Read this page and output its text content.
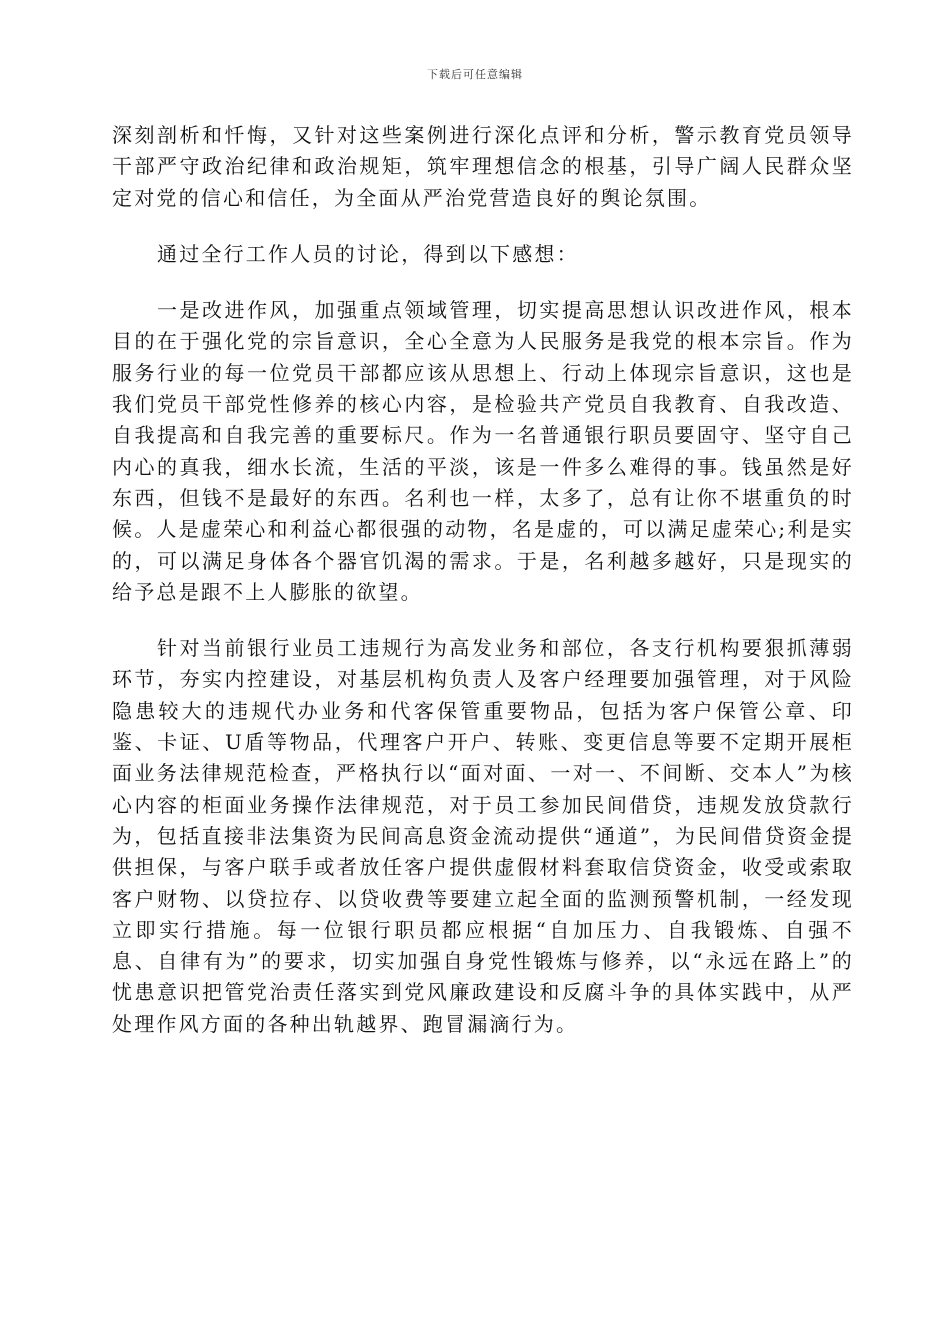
下载后可任意编辑

深刻剖析和忏悔，又针对这些案例进行深化点评和分析，警示教育党员领导干部严守政治纪律和政治规矩，筑牢理想信念的根基，引导广阔人民群众坚定对党的信心和信任，为全面从严治党营造良好的舆论氛围。

通过全行工作人员的讨论，得到以下感想：

一是改进作风，加强重点领域管理，切实提高思想认识改进作风，根本目的在于强化党的宗旨意识，全心全意为人民服务是我党的根本宗旨。作为服务行业的每一位党员干部都应该从思想上、行动上体现宗旨意识，这也是我们党员干部党性修养的核心内容，是检验共产党员自我教育、自我改造、自我提高和自我完善的重要标尺。作为一名普通银行职员要固守、坚守自己内心的真我，细水长流，生活的平淡，该是一件多么难得的事。钱虽然是好东西，但钱不是最好的东西。名利也一样，太多了，总有让你不堪重负的时候。人是虚荣心和利益心都很强的动物，名是虚的，可以满足虚荣心;利是实的，可以满足身体各个器官饥渴的需求。于是，名利越多越好，只是现实的给予总是跟不上人膨胀的欲望。

针对当前银行业员工违规行为高发业务和部位，各支行机构要狠抓薄弱环节，夯实内控建设，对基层机构负责人及客户经理要加强管理，对于风险隐患较大的违规代办业务和代客保管重要物品，包括为客户保管公章、印鉴、卡证、U盾等物品，代理客户开户、转账、变更信息等要不定期开展柜面业务法律规范检查，严格执行以“面对面、一对一、不间断、交本人”为核心内容的柜面业务操作法律规范，对于员工参加民间借贷，违规发放贷款行为，包括直接非法集资为民间高息资金流动提供“通道”，为民间借贷资金提供担保，与客户联手或者放任客户提供虚假材料套取信贷资金，收受或索取客户财物、以贷拉存、以贷收费等要建立起全面的监测预警机制，一经发现立即实行措施。每一位银行职员都应根据“自加压力、自我锻炼、自强不息、自律有为”的要求，切实加强自身党性锻炼与修养，以“永远在路上”的忧患意识把管党治责任落实到党风廉政建设和反腐斗争的具体实践中，从严处理作风方面的各种出轨越界、跑冒漏滴行为。
